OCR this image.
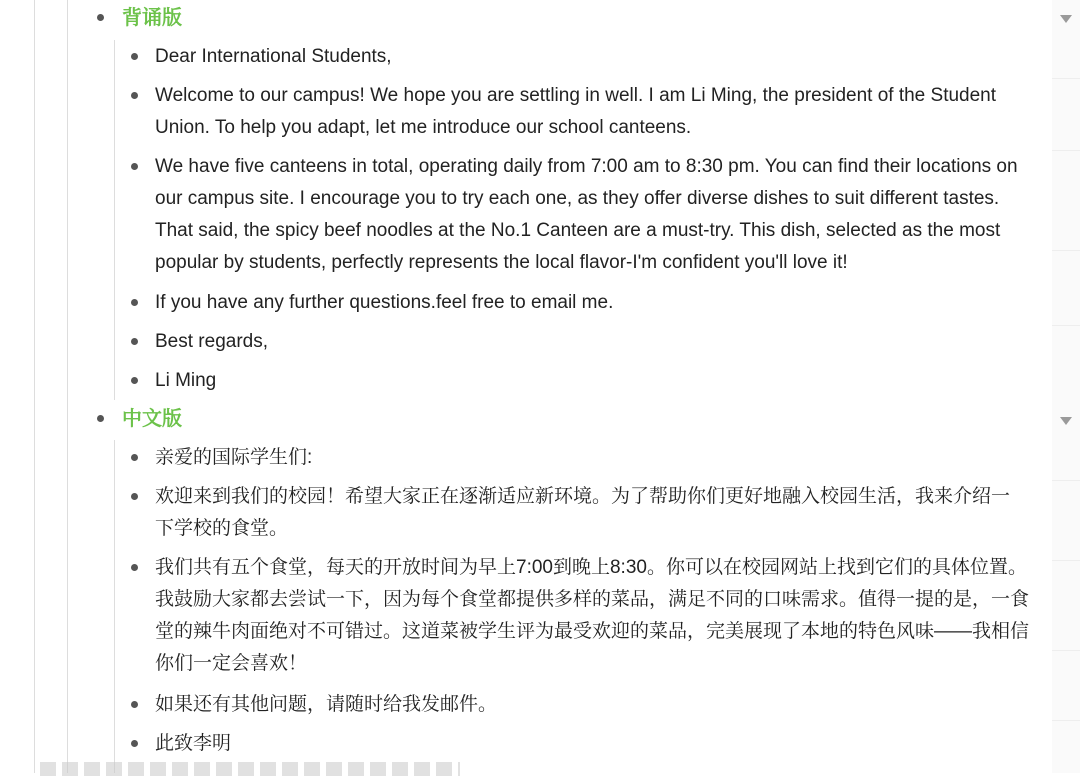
背诵版
Dear International Students,
Welcome to our campus! We hope you are settling in well. I am Li Ming, the president of the Student Union. To help you adapt, let me introduce our school canteens.
We have five canteens in total, operating daily from 7:00 am to 8:30 pm. You can find their locations on our campus site. I encourage you to try each one, as they offer diverse dishes to suit different tastes. That said, the spicy beef noodles at the No.1 Canteen are a must-try. This dish, selected as the most popular by students, perfectly represents the local flavor-I'm confident you'll love it!
If you have any further questions.feel free to email me.
Best regards,
Li Ming
中文版
亲爱的国际学生们:
欢迎来到我们的校园！希望大家正在逐渐适应新环境。为了帮助你们更好地融入校园生活，我来介绍一下学校的食堂。
我们共有五个食堂，每天的开放时间为早上7:00到晚上8:30。你可以在校园网站上找到它们的具体位置。我鼓励大家都去尝试一下，因为每个食堂都提供多样的菜品，满足不同的口味需求。值得一提的是，一食堂的辣牛肉面绝对不可错过。这道菜被学生评为最受欢迎的菜品，完美展现了本地的特色风味——我相信你们一定会喜欢！
如果还有其他问题，请随时给我发邮件。
此致李明
